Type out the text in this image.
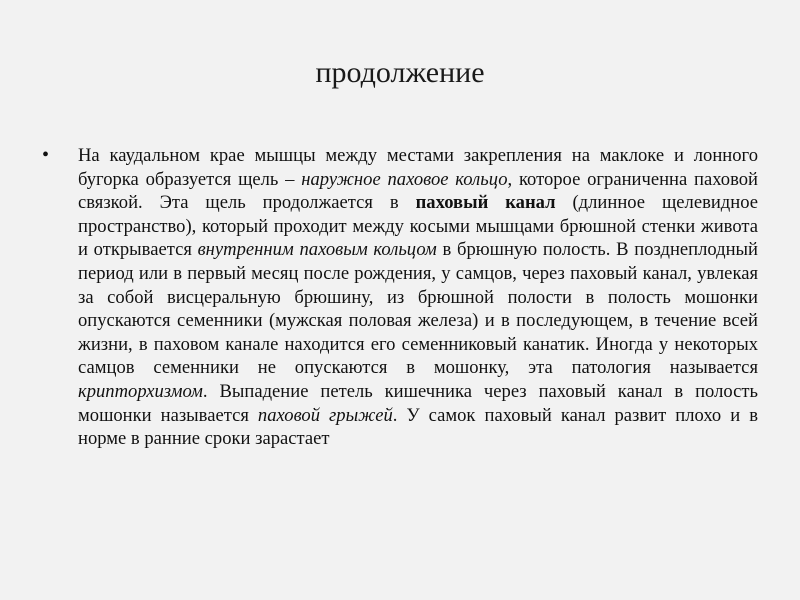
продолжение
•	На каудальном крае мышцы между местами закрепления на маклоке и лонного бугорка образуется щель – наружное паховое кольцо, которое ограниченна паховой связкой. Эта щель продолжается в паховый канал (длинное щелевидное пространство), который проходит между косыми мышцами брюшной стенки живота и открывается внутренним паховым кольцом в брюшную полость. В позднеплодный период или в первый месяц после рождения, у самцов, через паховый канал, увлекая за собой висцеральную брюшину, из брюшной полости в полость мошонки опускаются семенники (мужская половая железа) и в последующем, в течение всей жизни, в паховом канале находится его семенниковый канатик. Иногда у некоторых самцов семенники не опускаются в мошонку, эта патология называется крипторхизмом. Выпадение петель кишечника через паховый канал в полость мошонки называется паховой грыжей. У самок паховый канал развит плохо и в норме в ранние сроки зарастает
